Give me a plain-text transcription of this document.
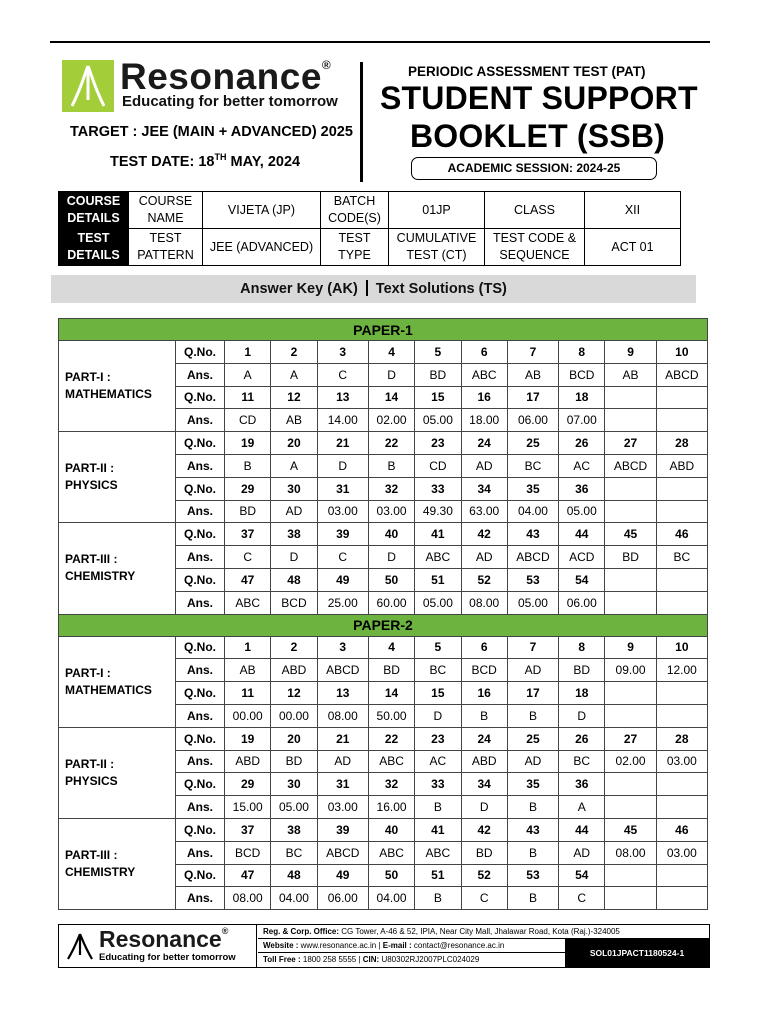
Resonance®
Educating for better tomorrow
TARGET : JEE (MAIN + ADVANCED) 2025
TEST DATE: 18TH MAY, 2024
PERIODIC ASSESSMENT TEST (PAT)
STUDENT SUPPORT
BOOKLET (SSB)
ACADEMIC SESSION: 2024-25
COURSE DETAILS	COURSE NAME	VIJETA (JP)	BATCH CODE(S)	01JP	CLASS	XII
TEST DETAILS	TEST PATTERN	JEE (ADVANCED)	TEST TYPE	CUMULATIVE TEST (CT)	TEST CODE & SEQUENCE	ACT 01
Answer Key (AK) Text Solutions (TS)
PAPER-1											
PART-I :
MATHEMATICS	Q.No.	1	2	3	4	5	6	7	8	9	10
	Ans.	A	A	C	D	BD	ABC	AB	BCD	AB	ABCD
	Q.No.	11	12	13	14	15	16	17	18		
	Ans.	CD	AB	14.00	02.00	05.00	18.00	06.00	07.00		
PART-II :
PHYSICS	Q.No.	19	20	21	22	23	24	25	26	27	28
	Ans.	B	A	D	B	CD	AD	BC	AC	ABCD	ABD
	Q.No.	29	30	31	32	33	34	35	36		
	Ans.	BD	AD	03.00	03.00	49.30	63.00	04.00	05.00		
PART-III :
CHEMISTRY	Q.No.	37	38	39	40	41	42	43	44	45	46
	Ans.	C	D	C	D	ABC	AD	ABCD	ACD	BD	BC
	Q.No.	47	48	49	50	51	52	53	54		
	Ans.	ABC	BCD	25.00	60.00	05.00	08.00	05.00	06.00		
PAPER-2											
PART-I :
MATHEMATICS	Q.No.	1	2	3	4	5	6	7	8	9	10
	Ans.	AB	ABD	ABCD	BD	BC	BCD	AD	BD	09.00	12.00
	Q.No.	11	12	13	14	15	16	17	18		
	Ans.	00.00	00.00	08.00	50.00	D	B	B	D		
PART-II :
PHYSICS	Q.No.	19	20	21	22	23	24	25	26	27	28
	Ans.	ABD	BD	AD	ABC	AC	ABD	AD	BC	02.00	03.00
	Q.No.	29	30	31	32	33	34	35	36		
	Ans.	15.00	05.00	03.00	16.00	B	D	B	A		
PART-III :
CHEMISTRY	Q.No.	37	38	39	40	41	42	43	44	45	46
	Ans.	BCD	BC	ABCD	ABC	ABC	BD	B	AD	08.00	03.00
	Q.No.	47	48	49	50	51	52	53	54		
	Ans.	08.00	04.00	06.00	04.00	B	C	B	C		
Resonance®
Educating for better tomorrow
Reg. & Corp. Office: CG Tower, A-46 & 52, IPIA, Near City Mall, Jhalawar Road, Kota (Raj.)-324005
Website : www.resonance.ac.in | E-mail : contact@resonance.ac.in
Toll Free : 1800 258 5555 | CIN: U80302RJ2007PLC024029
SOL01JPACT1180524-1
